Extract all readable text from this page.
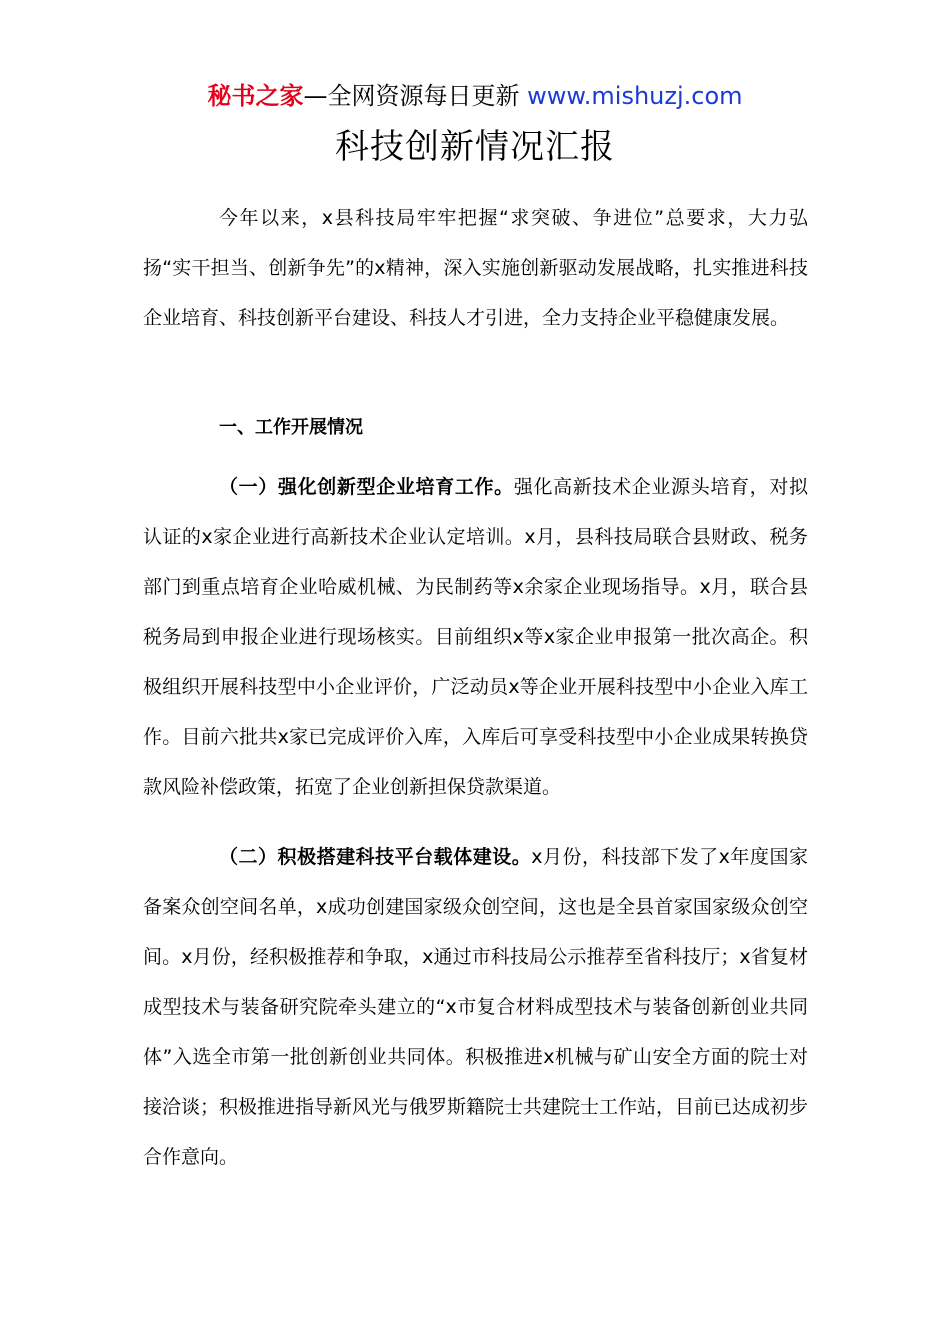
秘书之家—全网资源每日更新 www.mishuzj.com
科技创新情况汇报

今年以来，x县科技局牢牢把握“求突破、争进位”总要求，大力弘扬“实干担当、创新争先”的x精神，深入实施创新驱动发展战略，扎实推进科技企业培育、科技创新平台建设、科技人才引进，全力支持企业平稳健康发展。

一、工作开展情况

（一）强化创新型企业培育工作。强化高新技术企业源头培育，对拟认证的x家企业进行高新技术企业认定培训。x月，县科技局联合县财政、税务部门到重点培育企业哈威机械、为民制药等x余家企业现场指导。x月，联合县税务局到申报企业进行现场核实。目前组织x等x家企业申报第一批次高企。积极组织开展科技型中小企业评价，广泛动员x等企业开展科技型中小企业入库工作。目前六批共x家已完成评价入库，入库后可享受科技型中小企业成果转换贷款风险补偿政策，拓宽了企业创新担保贷款渠道。

（二）积极搭建科技平台载体建设。x月份，科技部下发了x年度国家备案众创空间名单，x成功创建国家级众创空间，这也是全县首家国家级众创空间。x月份，经积极推荐和争取，x通过市科技局公示推荐至省科技厅；x省复材成型技术与装备研究院牵头建立的“x市复合材料成型技术与装备创新创业共同体”入选全市第一批创新创业共同体。积极推进x机械与矿山安全方面的院士对接洽谈；积极推进指导新风光与俄罗斯籍院士共建院士工作站，目前已达成初步合作意向。
